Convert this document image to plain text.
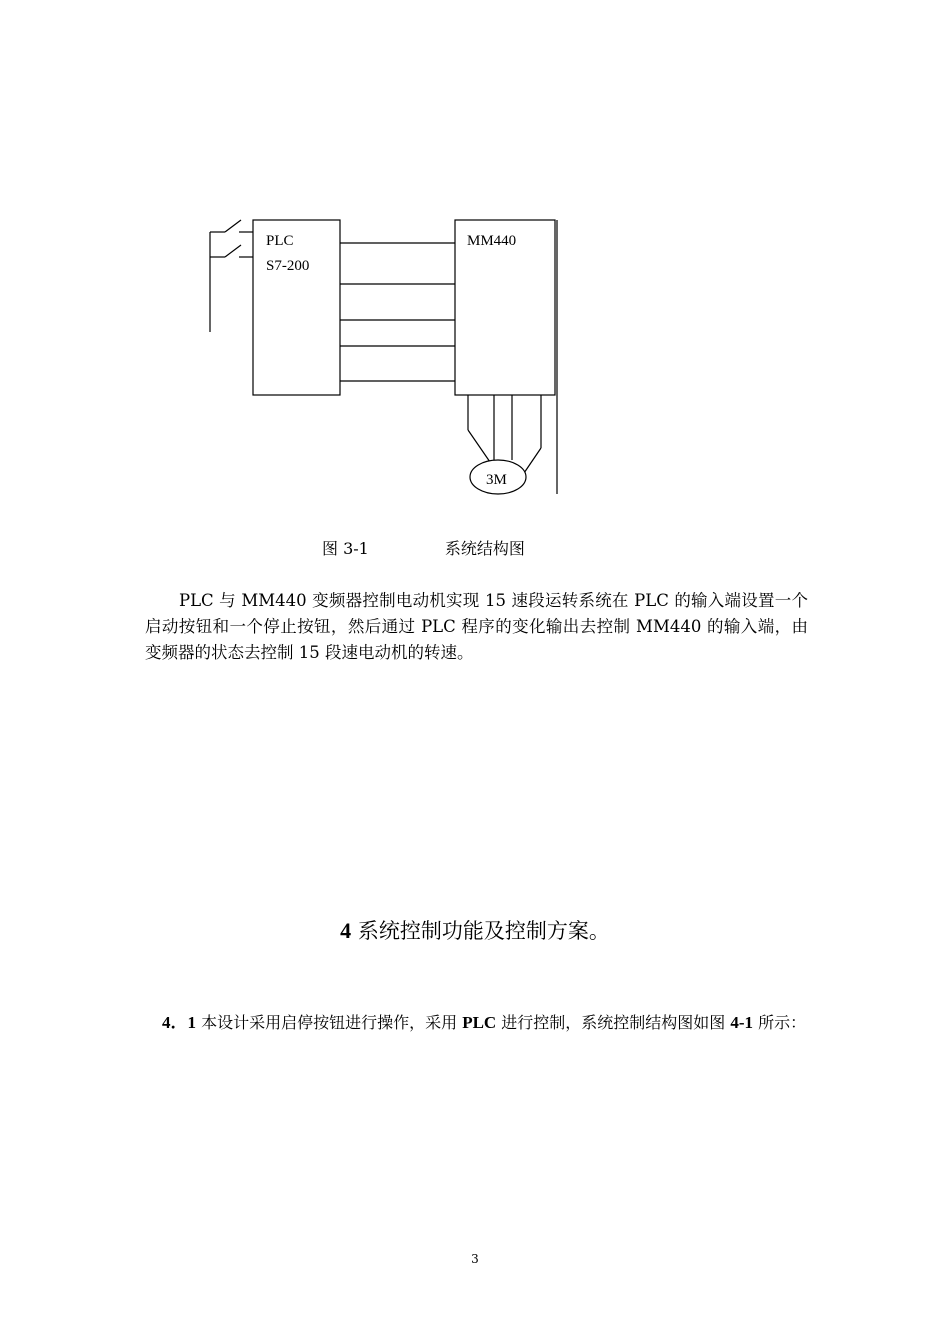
PLC
S7-200
MM440
3M
图 3-1	系统结构图

PLC 与 MM440 变频器控制电动机实现 15 速段运转系统在 PLC 的输入端设置一个启动按钮和一个停止按钮，然后通过 PLC 程序的变化输出去控制 MM440 的输入端，由变频器的状态去控制 15 段速电动机的转速。

4 系统控制功能及控制方案。

4．1 本设计采用启停按钮进行操作，采用 PLC 进行控制，系统控制结构图如图 4-1 所示：

3
